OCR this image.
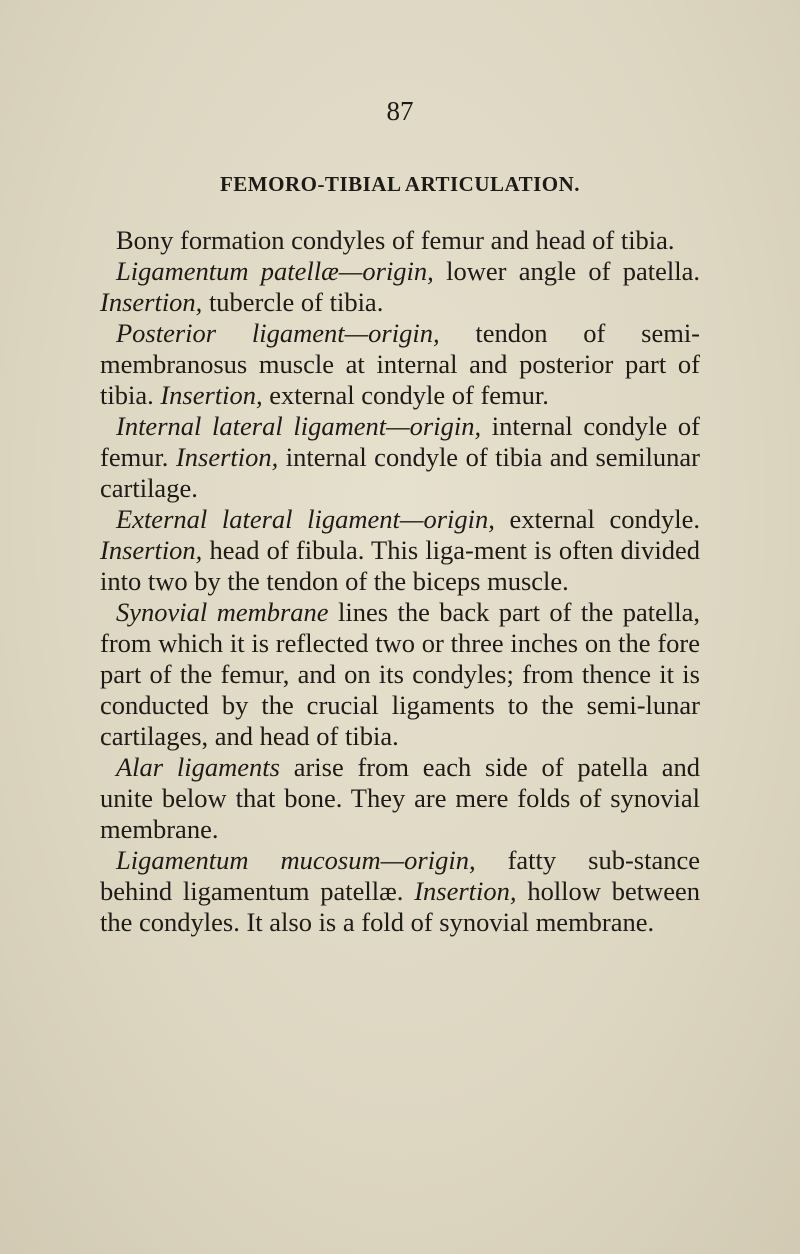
87
FEMORO-TIBIAL ARTICULATION.

Bony formation condyles of femur and head of tibia.

Ligamentum patellæ—origin, lower angle of patella. Insertion, tubercle of tibia.

Posterior ligament—origin, tendon of semi-membranosus muscle at internal and posterior part of tibia. Insertion, external condyle of femur.

Internal lateral ligament—origin, internal condyle of femur. Insertion, internal condyle of tibia and semilunar cartilage.

External lateral ligament—origin, external condyle. Insertion, head of fibula. This liga-ment is often divided into two by the tendon of the biceps muscle.

Synovial membrane lines the back part of the patella, from which it is reflected two or three inches on the fore part of the femur, and on its condyles; from thence it is conducted by the crucial ligaments to the semi-lunar cartilages, and head of tibia.

Alar ligaments arise from each side of patella and unite below that bone. They are mere folds of synovial membrane.

Ligamentum mucosum—origin, fatty sub-stance behind ligamentum patellæ. Insertion, hollow between the condyles. It also is a fold of synovial membrane.
